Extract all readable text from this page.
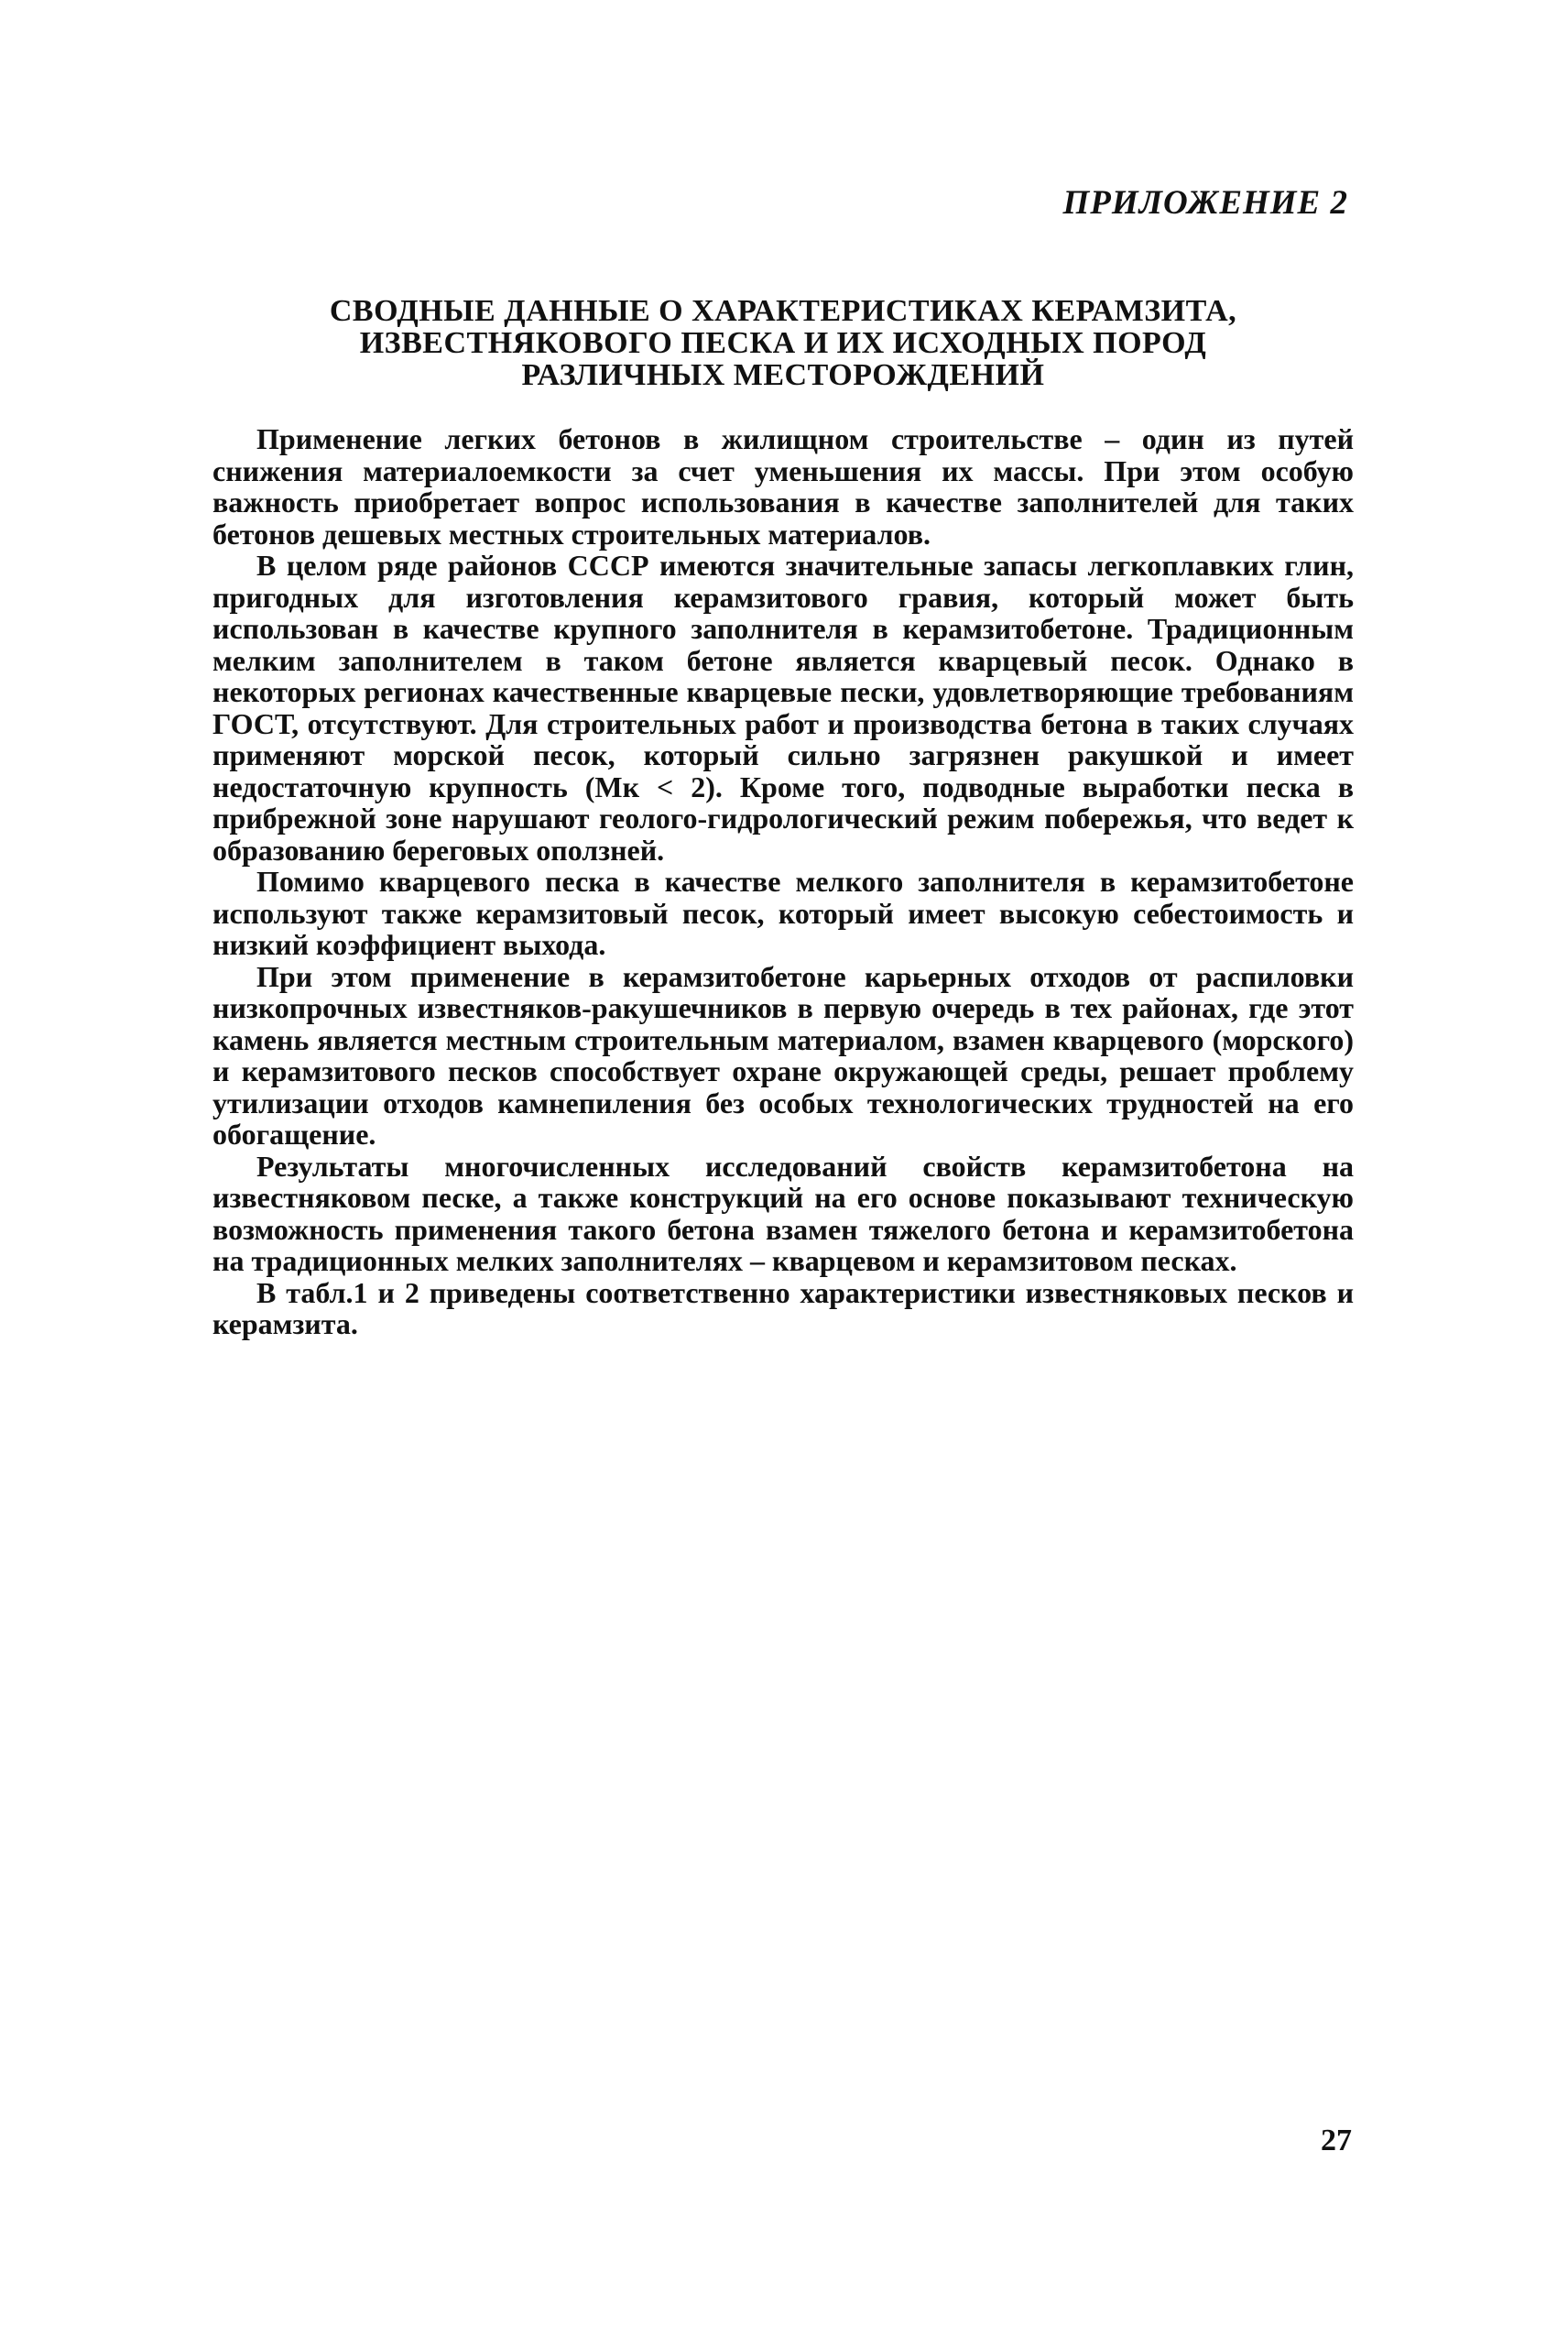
ПРИЛОЖЕНИЕ 2
СВОДНЫЕ ДАННЫЕ О ХАРАКТЕРИСТИКАХ КЕРАМЗИТА,
ИЗВЕСТНЯКОВОГО ПЕСКА И ИХ ИСХОДНЫХ ПОРОД
РАЗЛИЧНЫХ МЕСТОРОЖДЕНИЙ

Применение легких бетонов в жилищном строительстве – один из путей снижения материалоемкости за счет уменьшения их массы. При этом особую важность приобретает вопрос использования в качестве заполнителей для таких бетонов дешевых местных строительных материалов.

В целом ряде районов СССР имеются значительные запасы легкоплавких глин, пригодных для изготовления керамзитового гравия, который может быть использован в качестве крупного заполнителя в керамзитобетоне. Традиционным мелким заполнителем в таком бетоне является кварцевый песок. Однако в некоторых регионах качественные кварцевые пески, удовлетворяющие требованиям ГОСТ, отсутствуют. Для строительных работ и производства бетона в таких случаях применяют морской песок, который сильно загрязнен ракушкой и имеет недостаточную крупность (Мк < 2). Кроме того, подводные выработки песка в прибрежной зоне нарушают геолого-гидрологический режим побережья, что ведет к образованию береговых оползней.

Помимо кварцевого песка в качестве мелкого заполнителя в керамзитобетоне используют также керамзитовый песок, который имеет высокую себестоимость и низкий коэффициент выхода.

При этом применение в керамзитобетоне карьерных отходов от распиловки низкопрочных известняков-ракушечников в первую очередь в тех районах, где этот камень является местным строительным материалом, взамен кварцевого (морского) и керамзитового песков способствует охране окружающей среды, решает проблему утилизации отходов камнепиления без особых технологических трудностей на его обогащение.

Результаты многочисленных исследований свойств керамзитобетона на известняковом песке, а также конструкций на его основе показывают техническую возможность применения такого бетона взамен тяжелого бетона и керамзитобетона на традиционных мелких заполнителях – кварцевом и керамзитовом песках.

В табл.1 и 2 приведены соответственно характеристики известняковых песков и керамзита.

27
